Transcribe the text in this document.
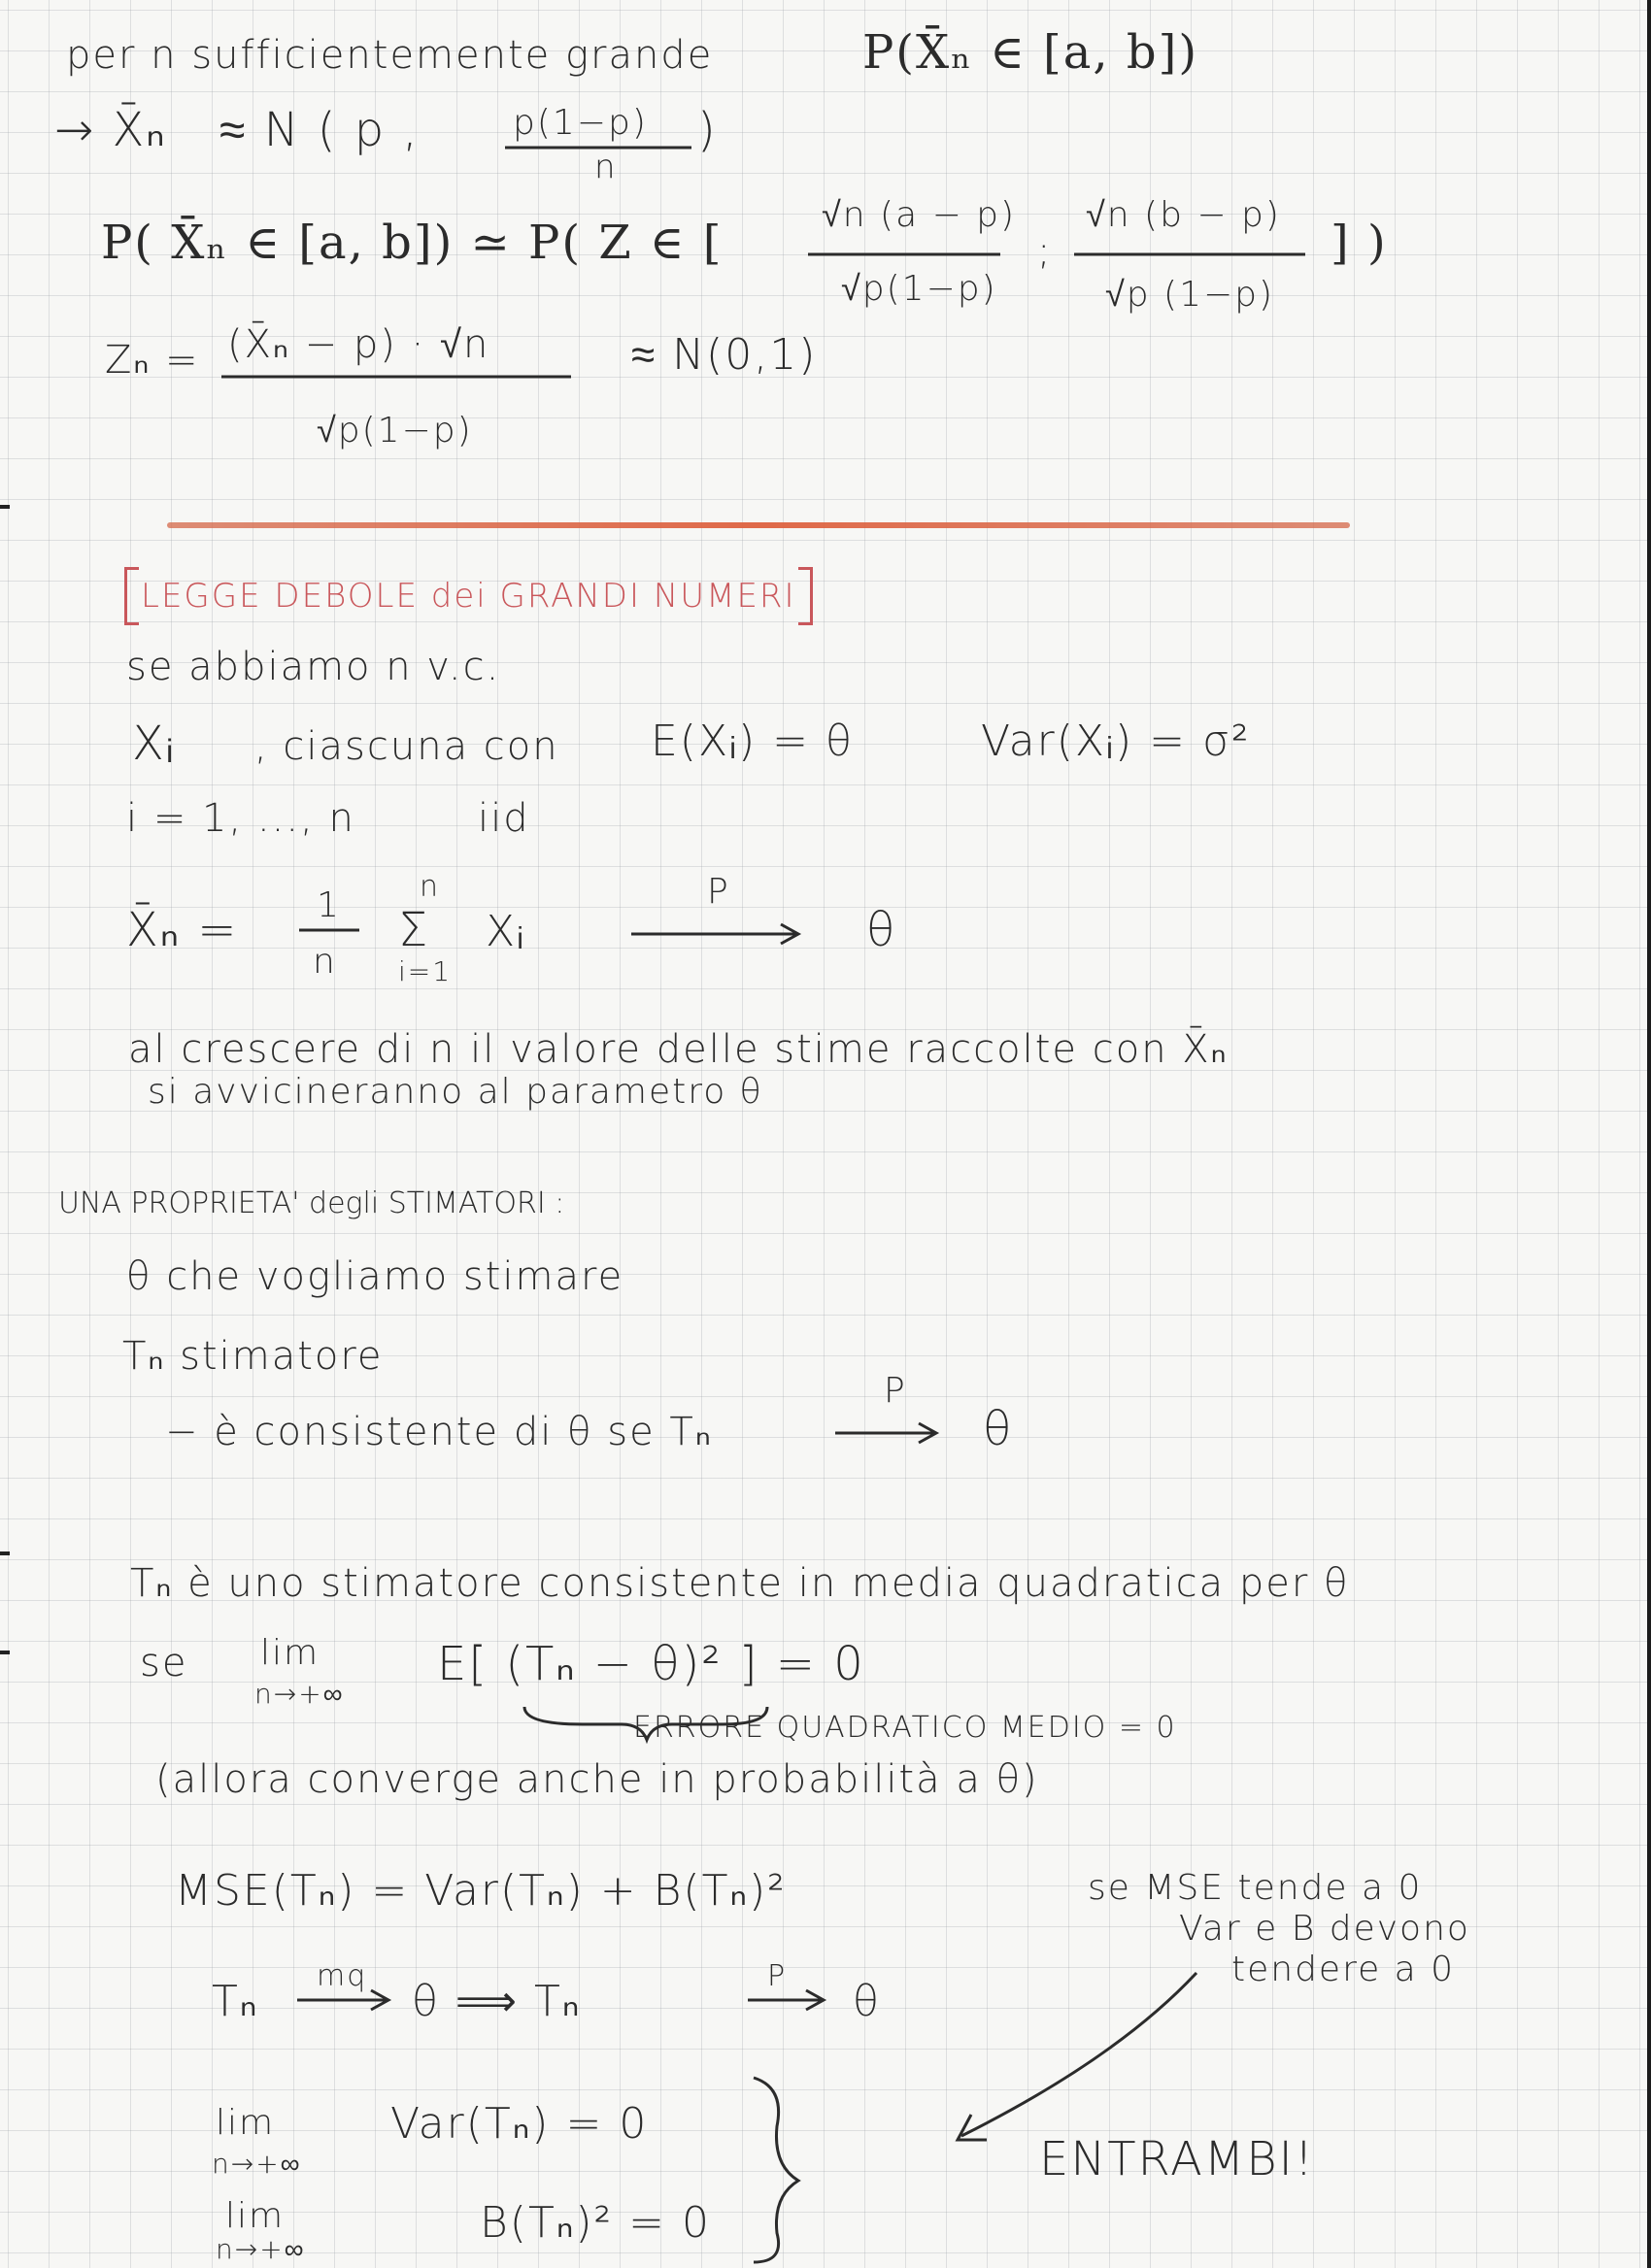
per n sufficientemente grande	P(X̄ₙ ∈ [a, b])
→ X̄ₙ ≈ N ( p ,	p(1−p)
n
)
P( X̄ₙ ∈ [a, b]) ≃ P( Z ∈ [
√n (a − p)
√p(1−p)
;
√n (b − p)
√p (1−p)
] )
Zₙ = (X̄ₙ − p) · √n
√p(1−p)
≈ N(0,1)
LEGGE DEBOLE dei GRANDI NUMERI
se abbiamo n v.c.
Xᵢ , ciascuna con E(Xᵢ) = θ	Var(Xᵢ) = σ²
i = 1, ..., n	iid
X̄ₙ = 1
n
n
Σ
i=1
Xᵢ
P
θ
al crescere di n il valore delle stime raccolte con X̄ₙ
si avvicineranno al parametro θ
UNA PROPRIETA' degli STIMATORI :
θ che vogliamo stimare
Tₙ stimatore
− è consistente di θ se Tₙ
P
θ
Tₙ è uno stimatore consistente in media quadratica per θ
se lim
n→+∞
E[ (Tₙ − θ)² ] = 0
ERRORE QUADRATICO MEDIO = 0
(allora converge anche in probabilità a θ)
MSE(Tₙ) = Var(Tₙ) + B(Tₙ)²	se MSE tende a 0
Var e B devono
tendere a 0
Tₙ
mq
θ ⟹ Tₙ
P
θ
lim
n→+∞
Var(Tₙ) = 0
lim
n→+∞
B(Tₙ)² = 0
ENTRAMBI!
